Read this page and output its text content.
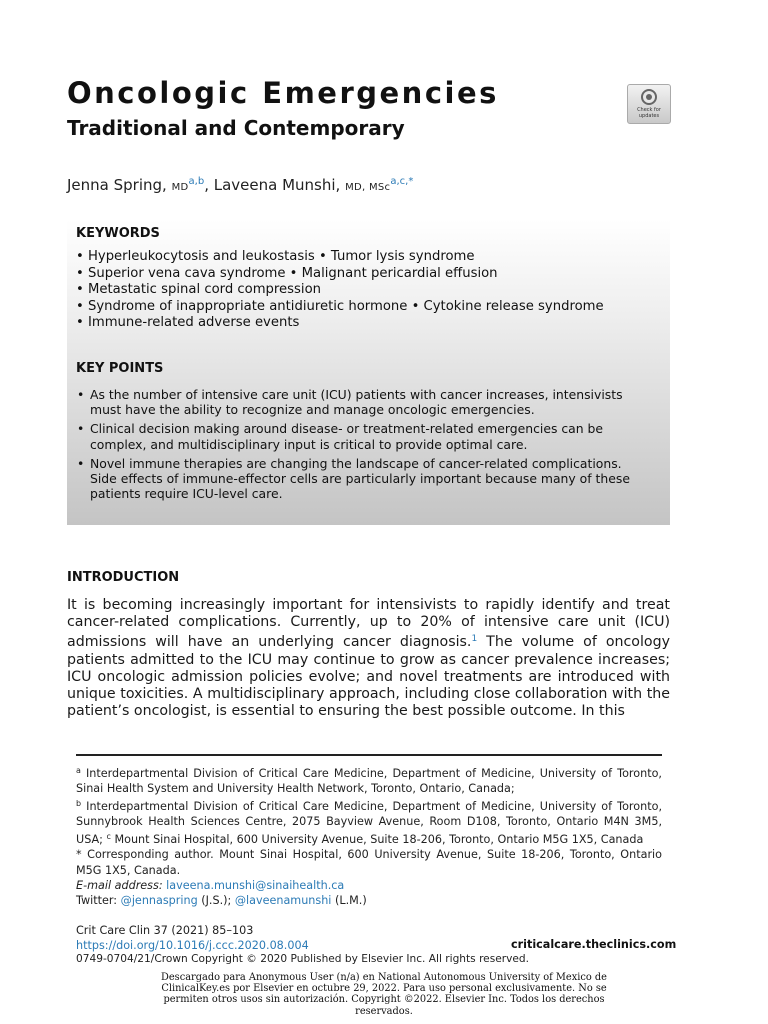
Oncologic Emergencies
Traditional and Contemporary
Check for updates
Jenna Spring, MD$^{a,b}$, Laveena Munshi, MD, MSc$^{a,c,*}$
KEYWORDS
• Hyperleukocytosis and leukostasis • Tumor lysis syndrome
• Superior vena cava syndrome • Malignant pericardial effusion
• Metastatic spinal cord compression
• Syndrome of inappropriate antidiuretic hormone • Cytokine release syndrome
• Immune-related adverse events
KEY POINTS
• As the number of intensive care unit (ICU) patients with cancer increases, intensivists must have the ability to recognize and manage oncologic emergencies.
• Clinical decision making around disease- or treatment-related emergencies can be complex, and multidisciplinary input is critical to provide optimal care.
• Novel immune therapies are changing the landscape of cancer-related complications. Side effects of immune-effector cells are particularly important because many of these patients require ICU-level care.
INTRODUCTION
It is becoming increasingly important for intensivists to rapidly identify and treat cancer-related complications. Currently, up to 20% of intensive care unit (ICU) admissions will have an underlying cancer diagnosis.$^1$ The volume of oncology patients admitted to the ICU may continue to grow as cancer prevalence increases; ICU oncologic admission policies evolve; and novel treatments are introduced with unique toxicities. A multidisciplinary approach, including close collaboration with the patient’s oncologist, is essential to ensuring the best possible outcome. In this
$^a$ Interdepartmental Division of Critical Care Medicine, Department of Medicine, University of Toronto, Sinai Health System and University Health Network, Toronto, Ontario, Canada;
$^b$ Interdepartmental Division of Critical Care Medicine, Department of Medicine, University of Toronto, Sunnybrook Health Sciences Centre, 2075 Bayview Avenue, Room D108, Toronto, Ontario M4N 3M5, USA; $^c$ Mount Sinai Hospital, 600 University Avenue, Suite 18-206, Toronto, Ontario M5G 1X5, Canada
* Corresponding author. Mount Sinai Hospital, 600 University Avenue, Suite 18-206, Toronto, Ontario M5G 1X5, Canada.
E-mail address: laveena.munshi@sinaihealth.ca
Twitter: @jennaspring (J.S.); @laveenamunshi (L.M.)
Crit Care Clin 37 (2021) 85–103
https://doi.org/10.1016/j.ccc.2020.08.004	criticalcare.theclinics.com
0749-0704/21/Crown Copyright © 2020 Published by Elsevier Inc. All rights reserved.
Descargado para Anonymous User (n/a) en National Autonomous University of Mexico de ClinicalKey.es por Elsevier en octubre 29, 2022. Para uso personal exclusivamente. No se permiten otros usos sin autorización. Copyright ©2022. Elsevier Inc. Todos los derechos reservados.
